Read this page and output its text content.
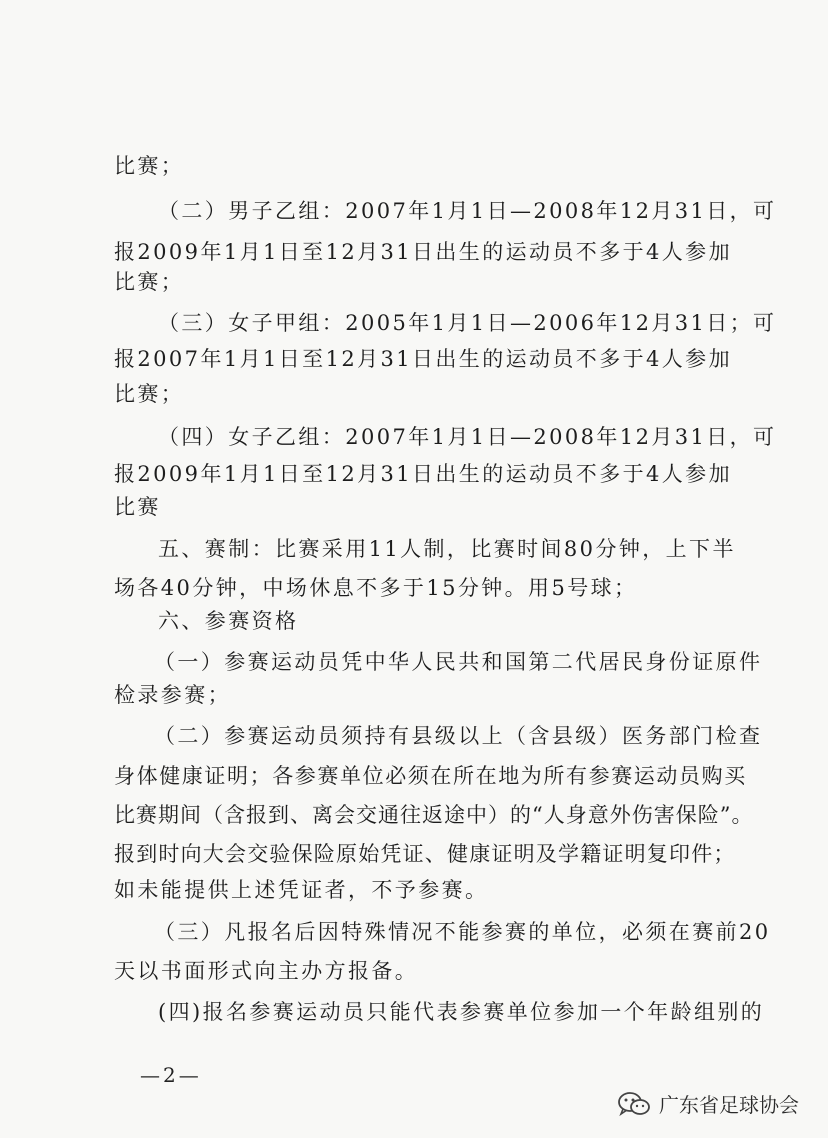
比赛；
（二）男子乙组：2007年1月1日—2008年12月31日，可
报2009年1月1日至12月31日出生的运动员不多于4人参加
比赛；
（三）女子甲组：2005年1月1日—2006年12月31日；可
报2007年1月1日至12月31日出生的运动员不多于4人参加
比赛；
（四）女子乙组：2007年1月1日—2008年12月31日，可
报2009年1月1日至12月31日出生的运动员不多于4人参加
比赛
五、赛制：比赛采用11人制，比赛时间80分钟，上下半
场各40分钟，中场休息不多于15分钟。用5号球；
六、参赛资格
（一）参赛运动员凭中华人民共和国第二代居民身份证原件
检录参赛；
（二）参赛运动员须持有县级以上（含县级）医务部门检查
身体健康证明；各参赛单位必须在所在地为所有参赛运动员购买
比赛期间（含报到、离会交通往返途中）的“人身意外伤害保险”。
报到时向大会交验保险原始凭证、健康证明及学籍证明复印件；
如未能提供上述凭证者，不予参赛。
（三）凡报名后因特殊情况不能参赛的单位，必须在赛前20
天以书面形式向主办方报备。
(四)报名参赛运动员只能代表参赛单位参加一个年龄组别的
—2—
广东省足球协会
